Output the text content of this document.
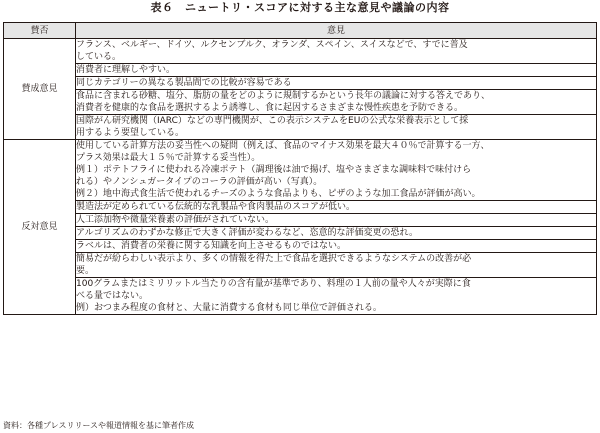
表６　ニュートリ・スコアに対する主な意見や議論の内容
賛否	意見
賛成意見	フランス、ベルギー、ドイツ、ルクセンブルク、オランダ、スペイン、スイスなどで、すでに普及
している。

	消費者に理解しやすい。

	同じカテゴリーの異なる製品間での比較が容易である

	食品に含まれる砂糖、塩分、脂肪の量をどのように規制するかという長年の議論に対する答えであり、
消費者を健康的な食品を選択するよう誘導し、食に起因するさまざまな慢性疾患を予防できる。

	国際がん研究機関（IARC）などの専門機関が、この表示システムをEUの公式な栄養表示として採
用するよう要望している。

反対意見	使用している計算方法の妥当性への疑問（例えば、食品のマイナス効果を最大４０％で計算する一方、
プラス効果は最大１５％で計算する妥当性）。
例１）ポテトフライに使われる冷凍ポテト（調理後は油で揚げ、塩やさまざまな調味料で味付けら
れる）やノンシュガータイプのコーラの評価が高い（写真）。
例２）地中海式食生活で使われるチーズのような食品よりも、ピザのような加工食品が評価が高い。

	製造法が定められている伝統的な乳製品や食肉製品のスコアが低い。

	人工添加物や微量栄養素の評価がされていない。

	アルゴリズムのわずかな修正で大きく評価が変わるなど、恣意的な評価変更の恐れ。

	ラベルは、消費者の栄養に関する知識を向上させるものではない。

	簡易だが紛らわしい表示より、多くの情報を得た上で食品を選択できるようなシステムの改善が必
要。

	100グラムまたはミリリットル当たりの含有量が基準であり、料理の１人前の量や人々が実際に食
べる量ではない。
例）おつまみ程度の食材と、大量に消費する食材も同じ単位で評価される。
資料：各種プレスリリースや報道情報を基に筆者作成
